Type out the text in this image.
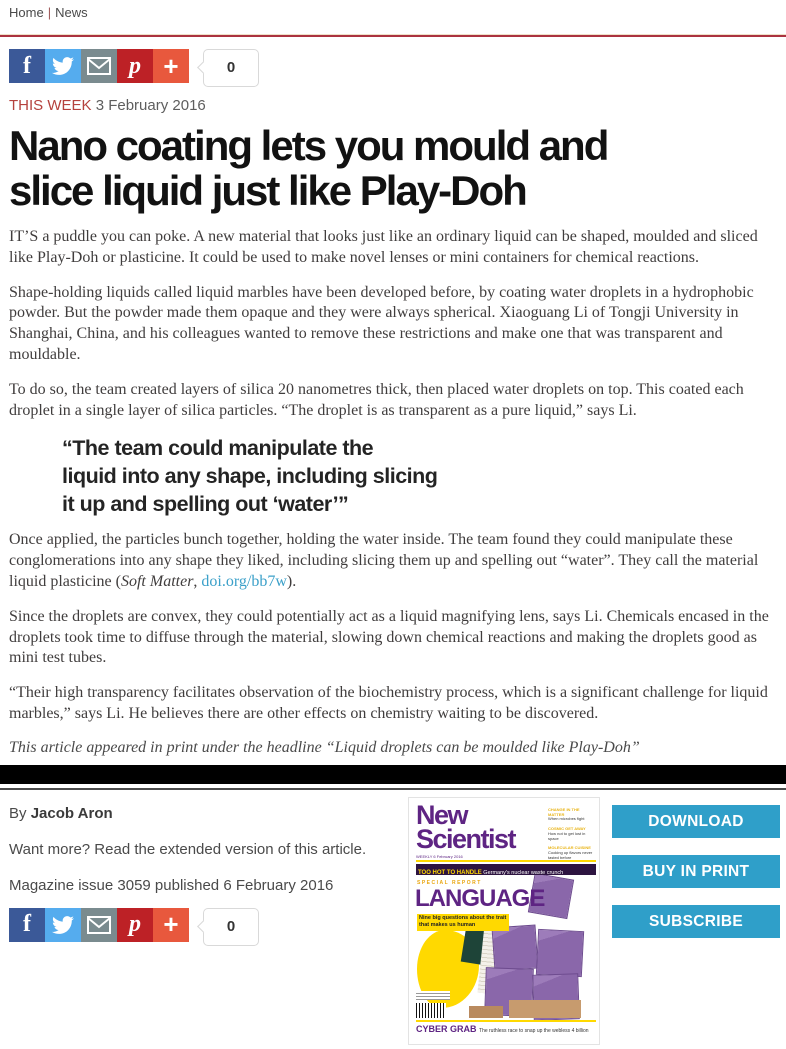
Home | News
f	p +	0
THIS WEEK 3 February 2016
Nano coating lets you mould and
slice liquid just like Play-Doh

IT’S a puddle you can poke. A new material that looks just like an ordinary liquid can be shaped, moulded and sliced like Play-Doh or plasticine. It could be used to make novel lenses or mini containers for chemical reactions.

Shape-holding liquids called liquid marbles have been developed before, by coating water droplets in a hydrophobic powder. But the powder made them opaque and they were always spherical. Xiaoguang Li of Tongji University in Shanghai, China, and his colleagues wanted to remove these restrictions and make one that was transparent and mouldable.

To do so, the team created layers of silica 20 nanometres thick, then placed water droplets on top. This coated each droplet in a single layer of silica particles. “The droplet is as transparent as a pure liquid,” says Li.

“The team could manipulate the
liquid into any shape, including slicing
it up and spelling out ‘water’”

Once applied, the particles bunch together, holding the water inside. The team found they could manipulate these conglomerations into any shape they liked, including slicing them up and spelling out “water”. They call the material liquid plasticine (Soft Matter, doi.org/bb7w).

Since the droplets are convex, they could potentially act as a liquid magnifying lens, says Li. Chemicals encased in the droplets took time to diffuse through the material, slowing down chemical reactions and making the droplets good as mini test tubes.

“Their high transparency facilitates observation of the biochemistry process, which is a significant challenge for liquid marbles,” says Li. He believes there are other effects on chemistry waiting to be discovered.

This article appeared in print under the headline “Liquid droplets can be moulded like Play-Doh”

By Jacob Aron

Want more? Read the extended version of this article.

Magazine issue 3059 published 6 February 2016

f	p +	0
New
Scientist
CHANGE IN THE MATTER
When microbes fight
COSMIC GET AWAY
How not to get lost in space
MOLECULAR CUISINE
Cooking up flavors never tasted before
WEEKLY 6 February 2016
TOO HOT TO HANDLE Germany's nuclear waste crunch
SPECIAL REPORT
LANGUAGE
Nine big questions about the trait that makes us human
CYBER GRAB The ruthless race to snap up the webless 4 billion
DOWNLOAD
BUY IN PRINT
SUBSCRIBE
